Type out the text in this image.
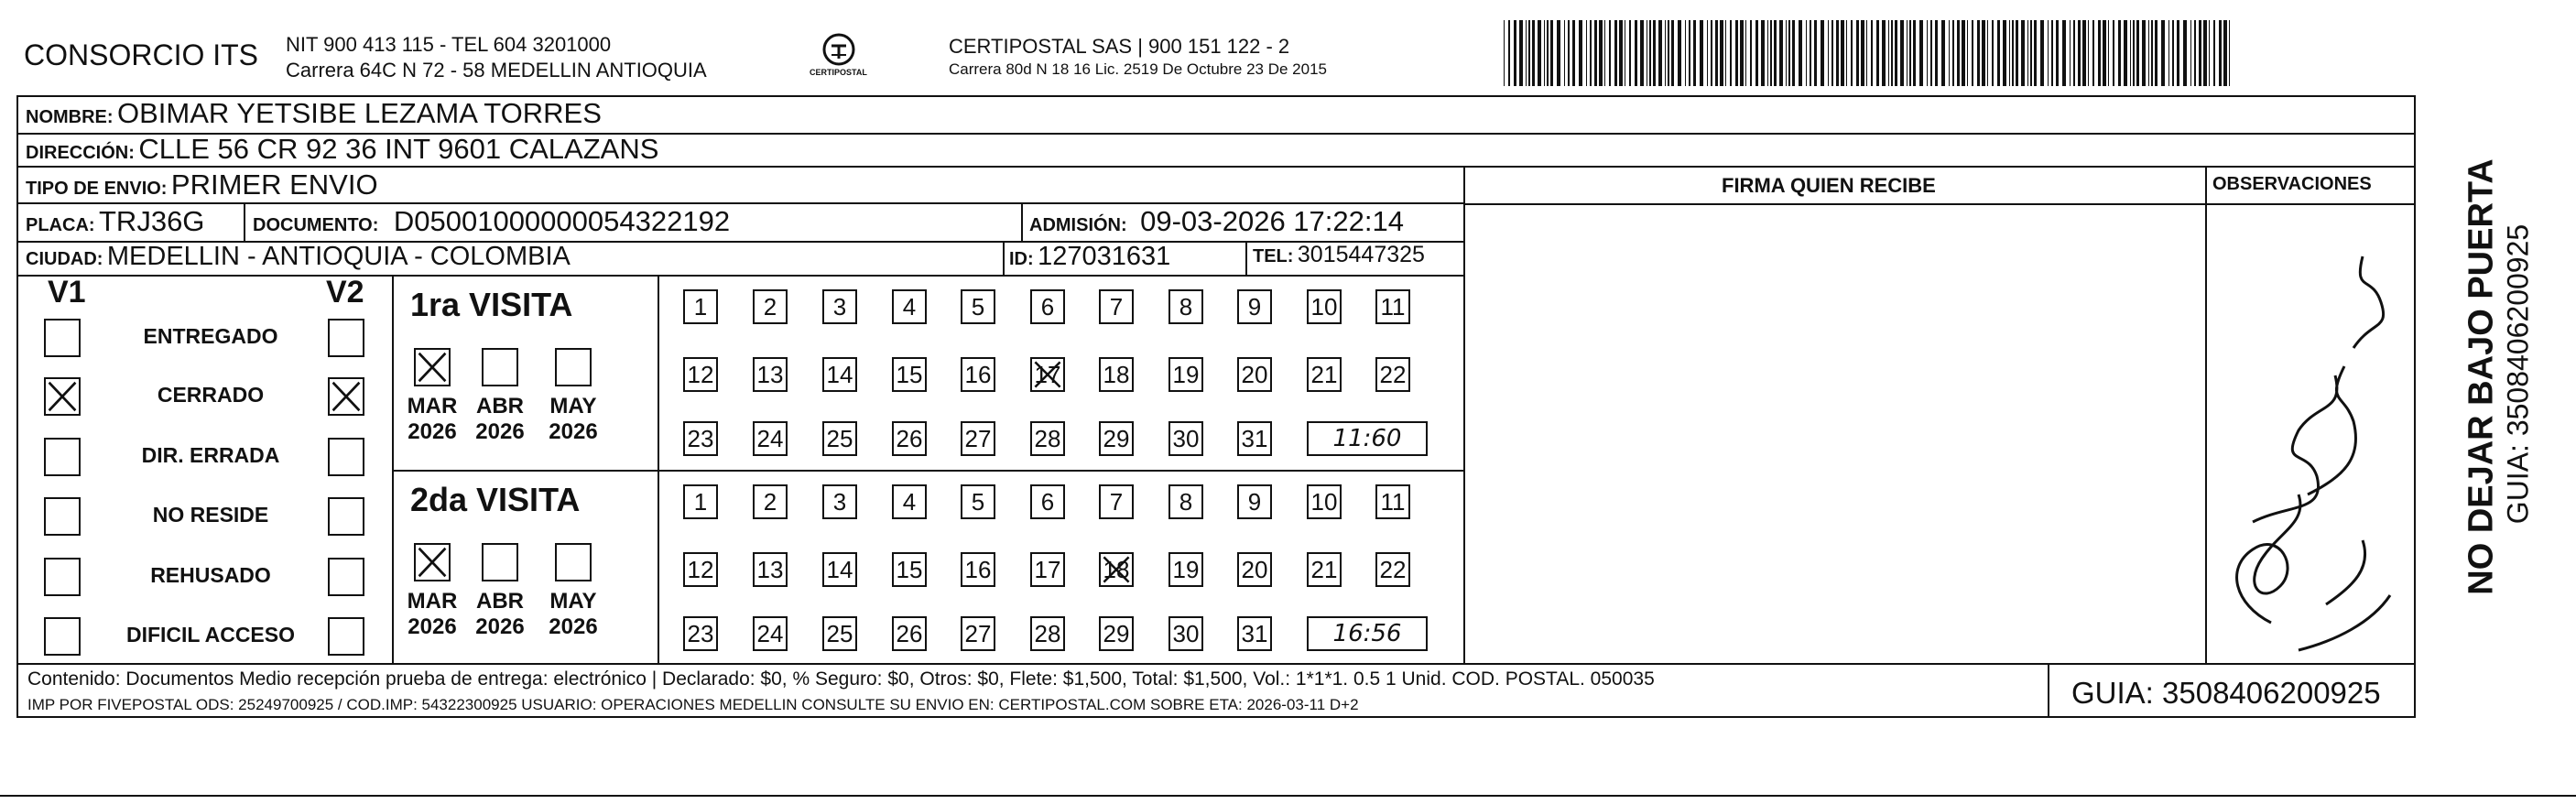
CONSORCIO ITS NIT 900 413 115 - TEL 604 3201000
Carrera 64C N 72 - 58 MEDELLIN ANTIOQUIA	CERTIPOSTAL
CERTIPOSTAL SAS | 900 151 122 - 2
Carrera 80d N 18 16 Lic. 2519 De Octubre 23 De 2015
NOMBRE: OBIMAR YETSIBE LEZAMA TORRES
DIRECCIÓN: CLLE 56 CR 92 36 INT 9601 CALAZANS
TIPO DE ENVIO: PRIMER ENVIO
PLACA: TRJ36G	DOCUMENTO: D05001000000054322192	ADMISIÓN: 09-03-2026 17:22:14
CIUDAD: MEDELLIN - ANTIOQUIA - COLOMBIA	ID: 127031631	TEL: 3015447325
FIRMA QUIEN RECIBE	OBSERVACIONES	NO DEJAR BAJO PUERTA GUIA: 3508406200925
V1	V2
ENTREGADO
CERRADO
DIR. ERRADA
NO RESIDE
REHUSADO
DIFICIL ACCESO
1ra VISITA
MAR
2026
ABR
2026
MAY
2026
1 2 3 4 5 6 7 8 9 10 11
12 13 14 15 16 17 18 19 20 21 22
23 24 25 26 27 28 29 30 31	11:60
2da VISITA
MAR
2026
ABR
2026
MAY
2026
1 2 3 4 5 6 7 8 9 10 11
12 13 14 15 16 17 18 19 20 21 22
23 24 25 26 27 28 29 30 31	16:56
Contenido: Documentos Medio recepción prueba de entrega: electrónico | Declarado: $0, % Seguro: $0, Otros: $0, Flete: $1,500, Total: $1,500, Vol.: 1*1*1. 0.5 1 Unid. COD. POSTAL. 050035
IMP POR FIVEPOSTAL ODS: 25249700925 / COD.IMP: 54322300925 USUARIO: OPERACIONES MEDELLIN CONSULTE SU ENVIO EN: CERTIPOSTAL.COM SOBRE ETA: 2026-03-11 D+2	GUIA: 3508406200925
